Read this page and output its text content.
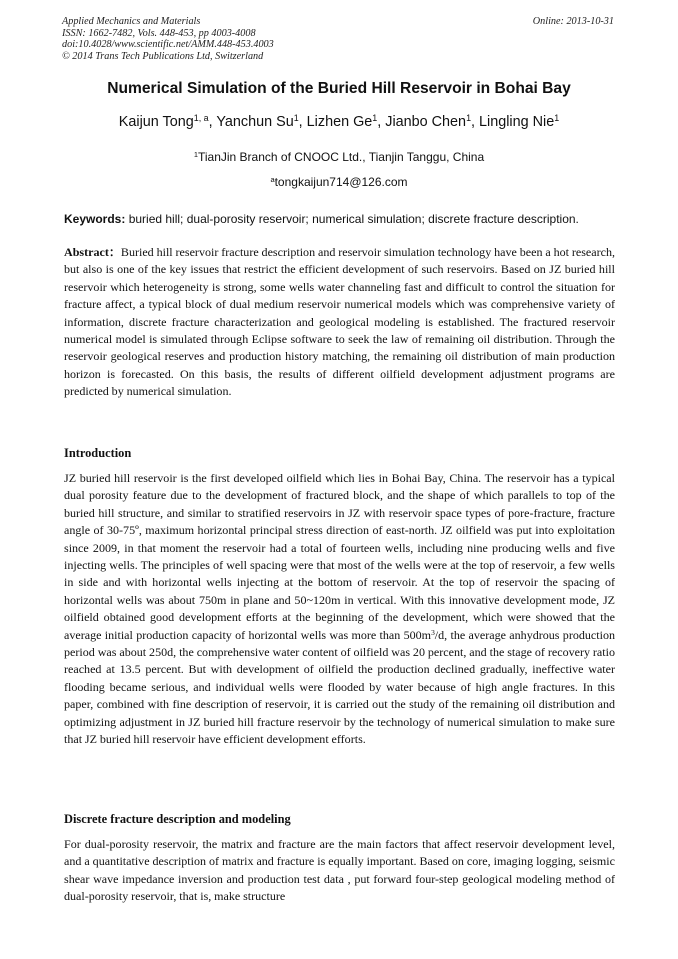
Applied Mechanics and Materials
ISSN: 1662-7482, Vols. 448-453, pp 4003-4008
doi:10.4028/www.scientific.net/AMM.448-453.4003
© 2014 Trans Tech Publications Ltd, Switzerland
Online: 2013-10-31
Numerical Simulation of the Buried Hill Reservoir in Bohai Bay
Kaijun Tong$^{1, a}$, Yanchun Su$^1$, Lizhen Ge$^1$, Jianbo Chen$^1$, Lingling Nie$^1$
$^1$TianJin Branch of CNOOC Ltd., Tianjin Tanggu, China
$^a$tongkaijun714@126.com
Keywords: buried hill; dual-porosity reservoir; numerical simulation; discrete fracture description.
Abstract：Buried hill reservoir fracture description and reservoir simulation technology have been a hot research, but also is one of the key issues that restrict the efficient development of such reservoirs. Based on JZ buried hill reservoir which heterogeneity is strong, some wells water channeling fast and difficult to control the situation for fracture affect, a typical block of dual medium reservoir numerical models which was comprehensive variety of information, discrete fracture characterization and geological modeling is established. The fractured reservoir numerical model is simulated through Eclipse software to seek the law of remaining oil distribution. Through the reservoir geological reserves and production history matching, the remaining oil distribution of main production horizon is forecasted. On this basis, the results of different oilfield development adjustment programs are predicted by numerical simulation.
Introduction
JZ buried hill reservoir is the first developed oilfield which lies in Bohai Bay, China. The reservoir has a typical dual porosity feature due to the development of fractured block, and the shape of which parallels to top of the buried hill structure, and similar to stratified reservoirs in JZ with reservoir space types of pore-fracture, fracture angle of 30-75º, maximum horizontal principal stress direction of east-north. JZ oilfield was put into exploitation since 2009, in that moment the reservoir had a total of fourteen wells, including nine producing wells and five injecting wells. The principles of well spacing were that most of the wells were at the top of reservoir, a few wells in side and with horizontal wells injecting at the bottom of reservoir. At the top of reservoir the spacing of horizontal wells was about 750m in plane and 50~120m in vertical. With this innovative development mode, JZ oilfield obtained good development efforts at the beginning of the development, which were showed that the average initial production capacity of horizontal wells was more than $500m^3/d$, the average anhydrous production period was about 250d, the comprehensive water content of oilfield was 20 percent, and the stage of recovery ratio reached at 13.5 percent. But with development of oilfield the production declined gradually, ineffective water flooding became serious, and individual wells were flooded by water because of high angle fractures. In this paper, combined with fine description of reservoir, it is carried out the study of the remaining oil distribution and optimizing adjustment in JZ buried hill fracture reservoir by the technology of numerical simulation to make sure that JZ buried hill reservoir have efficient development efforts.
Discrete fracture description and modeling
For dual-porosity reservoir, the matrix and fracture are the main factors that affect reservoir development level, and a quantitative description of matrix and fracture is equally important. Based on core, imaging logging, seismic shear wave impedance inversion and production test data , put forward four-step geological modeling method of dual-porosity reservoir, that is, make structure
